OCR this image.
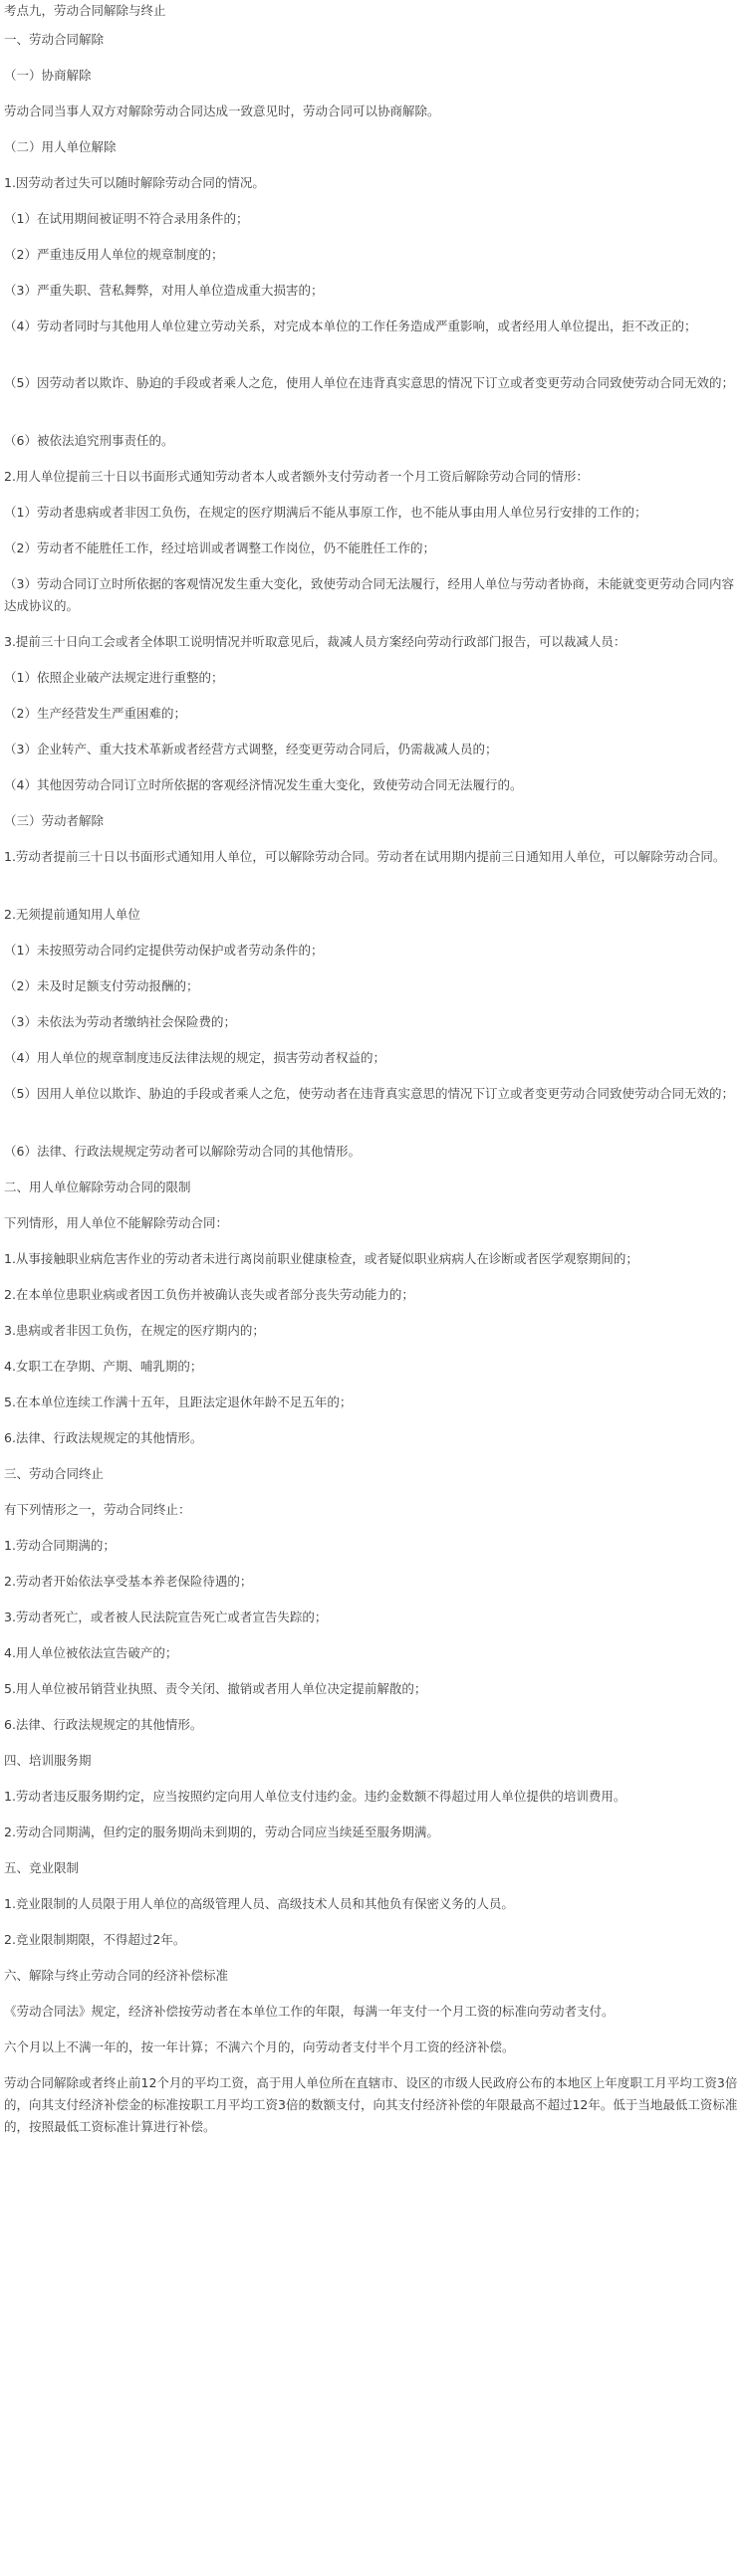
考点九，劳动合同解除与终止

一、劳动合同解除

（一）协商解除

劳动合同当事人双方对解除劳动合同达成一致意见时，劳动合同可以协商解除。

（二）用人单位解除

1.因劳动者过失可以随时解除劳动合同的情况。

（1）在试用期间被证明不符合录用条件的；

（2）严重违反用人单位的规章制度的；

（3）严重失职、营私舞弊，对用人单位造成重大损害的；

（4）劳动者同时与其他用人单位建立劳动关系，对完成本单位的工作任务造成严重影响，或者经用人单位提出，拒不改正的；

（5）因劳动者以欺诈、胁迫的手段或者乘人之危，使用人单位在违背真实意思的情况下订立或者变更劳动合同致使劳动合同无效的；

（6）被依法追究刑事责任的。

2.用人单位提前三十日以书面形式通知劳动者本人或者额外支付劳动者一个月工资后解除劳动合同的情形：

（1）劳动者患病或者非因工负伤，在规定的医疗期满后不能从事原工作，也不能从事由用人单位另行安排的工作的；

（2）劳动者不能胜任工作，经过培训或者调整工作岗位，仍不能胜任工作的；

（3）劳动合同订立时所依据的客观情况发生重大变化，致使劳动合同无法履行，经用人单位与劳动者协商，未能就变更劳动合同内容达成协议的。

3.提前三十日向工会或者全体职工说明情况并听取意见后，裁减人员方案经向劳动行政部门报告，可以裁减人员：

（1）依照企业破产法规定进行重整的；

（2）生产经营发生严重困难的；

（3）企业转产、重大技术革新或者经营方式调整，经变更劳动合同后，仍需裁减人员的；

（4）其他因劳动合同订立时所依据的客观经济情况发生重大变化，致使劳动合同无法履行的。

（三）劳动者解除

1.劳动者提前三十日以书面形式通知用人单位，可以解除劳动合同。劳动者在试用期内提前三日通知用人单位，可以解除劳动合同。

2.无须提前通知用人单位

（1）未按照劳动合同约定提供劳动保护或者劳动条件的；

（2）未及时足额支付劳动报酬的；

（3）未依法为劳动者缴纳社会保险费的；

（4）用人单位的规章制度违反法律法规的规定，损害劳动者权益的；

（5）因用人单位以欺诈、胁迫的手段或者乘人之危，使劳动者在违背真实意思的情况下订立或者变更劳动合同致使劳动合同无效的；

（6）法律、行政法规规定劳动者可以解除劳动合同的其他情形。

二、用人单位解除劳动合同的限制

下列情形，用人单位不能解除劳动合同：

1.从事接触职业病危害作业的劳动者未进行离岗前职业健康检查，或者疑似职业病病人在诊断或者医学观察期间的；

2.在本单位患职业病或者因工负伤并被确认丧失或者部分丧失劳动能力的；

3.患病或者非因工负伤，在规定的医疗期内的；

4.女职工在孕期、产期、哺乳期的；

5.在本单位连续工作满十五年，且距法定退休年龄不足五年的；

6.法律、行政法规规定的其他情形。

三、劳动合同终止

有下列情形之一，劳动合同终止：

1.劳动合同期满的；

2.劳动者开始依法享受基本养老保险待遇的；

3.劳动者死亡，或者被人民法院宣告死亡或者宣告失踪的；

4.用人单位被依法宣告破产的；

5.用人单位被吊销营业执照、责令关闭、撤销或者用人单位决定提前解散的；

6.法律、行政法规规定的其他情形。

四、培训服务期

1.劳动者违反服务期约定，应当按照约定向用人单位支付违约金。违约金数额不得超过用人单位提供的培训费用。

2.劳动合同期满，但约定的服务期尚未到期的，劳动合同应当续延至服务期满。

五、竞业限制

1.竞业限制的人员限于用人单位的高级管理人员、高级技术人员和其他负有保密义务的人员。

2.竞业限制期限，不得超过2年。

六、解除与终止劳动合同的经济补偿标准

《劳动合同法》规定，经济补偿按劳动者在本单位工作的年限，每满一年支付一个月工资的标准向劳动者支付。

六个月以上不满一年的，按一年计算；不满六个月的，向劳动者支付半个月工资的经济补偿。

劳动合同解除或者终止前12个月的平均工资，高于用人单位所在直辖市、设区的市级人民政府公布的本地区上年度职工月平均工资3倍的，向其支付经济补偿金的标准按职工月平均工资3倍的数额支付，向其支付经济补偿的年限最高不超过12年。低于当地最低工资标准的，按照最低工资标准计算进行补偿。
